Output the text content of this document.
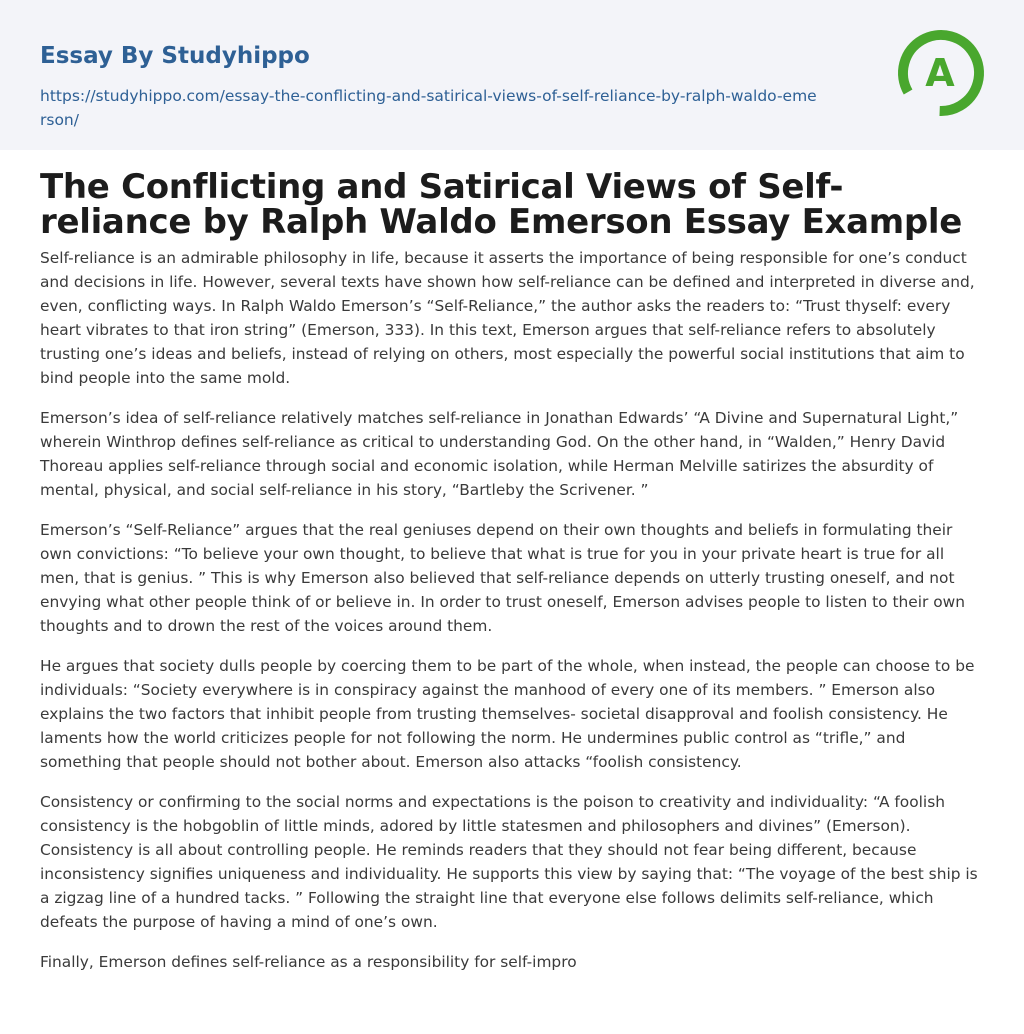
Essay By Studyhippo
https://studyhippo.com/essay-the-conflicting-and-satirical-views-of-self-reliance-by-ralph-waldo-emerson/
A
The Conflicting and Satirical Views of Self-reliance by Ralph Waldo Emerson Essay Example

Self-reliance is an admirable philosophy in life, because it asserts the importance of being responsible for one’s conduct and decisions in life. However, several texts have shown how self-reliance can be defined and interpreted in diverse and, even, conflicting ways. In Ralph Waldo Emerson’s “Self-Reliance,” the author asks the readers to: “Trust thyself: every heart vibrates to that iron string” (Emerson, 333). In this text, Emerson argues that self-reliance refers to absolutely trusting one’s ideas and beliefs, instead of relying on others, most especially the powerful social institutions that aim to bind people into the same mold.

Emerson’s idea of self-reliance relatively matches self-reliance in Jonathan Edwards’ “A Divine and Supernatural Light,” wherein Winthrop defines self-reliance as critical to understanding God. On the other hand, in “Walden,” Henry David Thoreau applies self-reliance through social and economic isolation, while Herman Melville satirizes the absurdity of mental, physical, and social self-reliance in his story, “Bartleby the Scrivener. ”

Emerson’s “Self-Reliance” argues that the real geniuses depend on their own thoughts and beliefs in formulating their own convictions: “To believe your own thought, to believe that what is true for you in your private heart is true for all men, that is genius. ” This is why Emerson also believed that self-reliance depends on utterly trusting oneself, and not envying what other people think of or believe in. In order to trust oneself, Emerson advises people to listen to their own thoughts and to drown the rest of the voices around them.

He argues that society dulls people by coercing them to be part of the whole, when instead, the people can choose to be individuals: “Society everywhere is in conspiracy against the manhood of every one of its members. ” Emerson also explains the two factors that inhibit people from trusting themselves- societal disapproval and foolish consistency. He laments how the world criticizes people for not following the norm. He undermines public control as “trifle,” and something that people should not bother about. Emerson also attacks “foolish consistency.

Consistency or confirming to the social norms and expectations is the poison to creativity and individuality: “A foolish consistency is the hobgoblin of little minds, adored by little statesmen and philosophers and divines” (Emerson). Consistency is all about controlling people. He reminds readers that they should not fear being different, because inconsistency signifies uniqueness and individuality. He supports this view by saying that: “The voyage of the best ship is a zigzag line of a hundred tacks. ” Following the straight line that everyone else follows delimits self-reliance, which defeats the purpose of having a mind of one’s own.

Finally, Emerson defines self-reliance as a responsibility for self-impro
